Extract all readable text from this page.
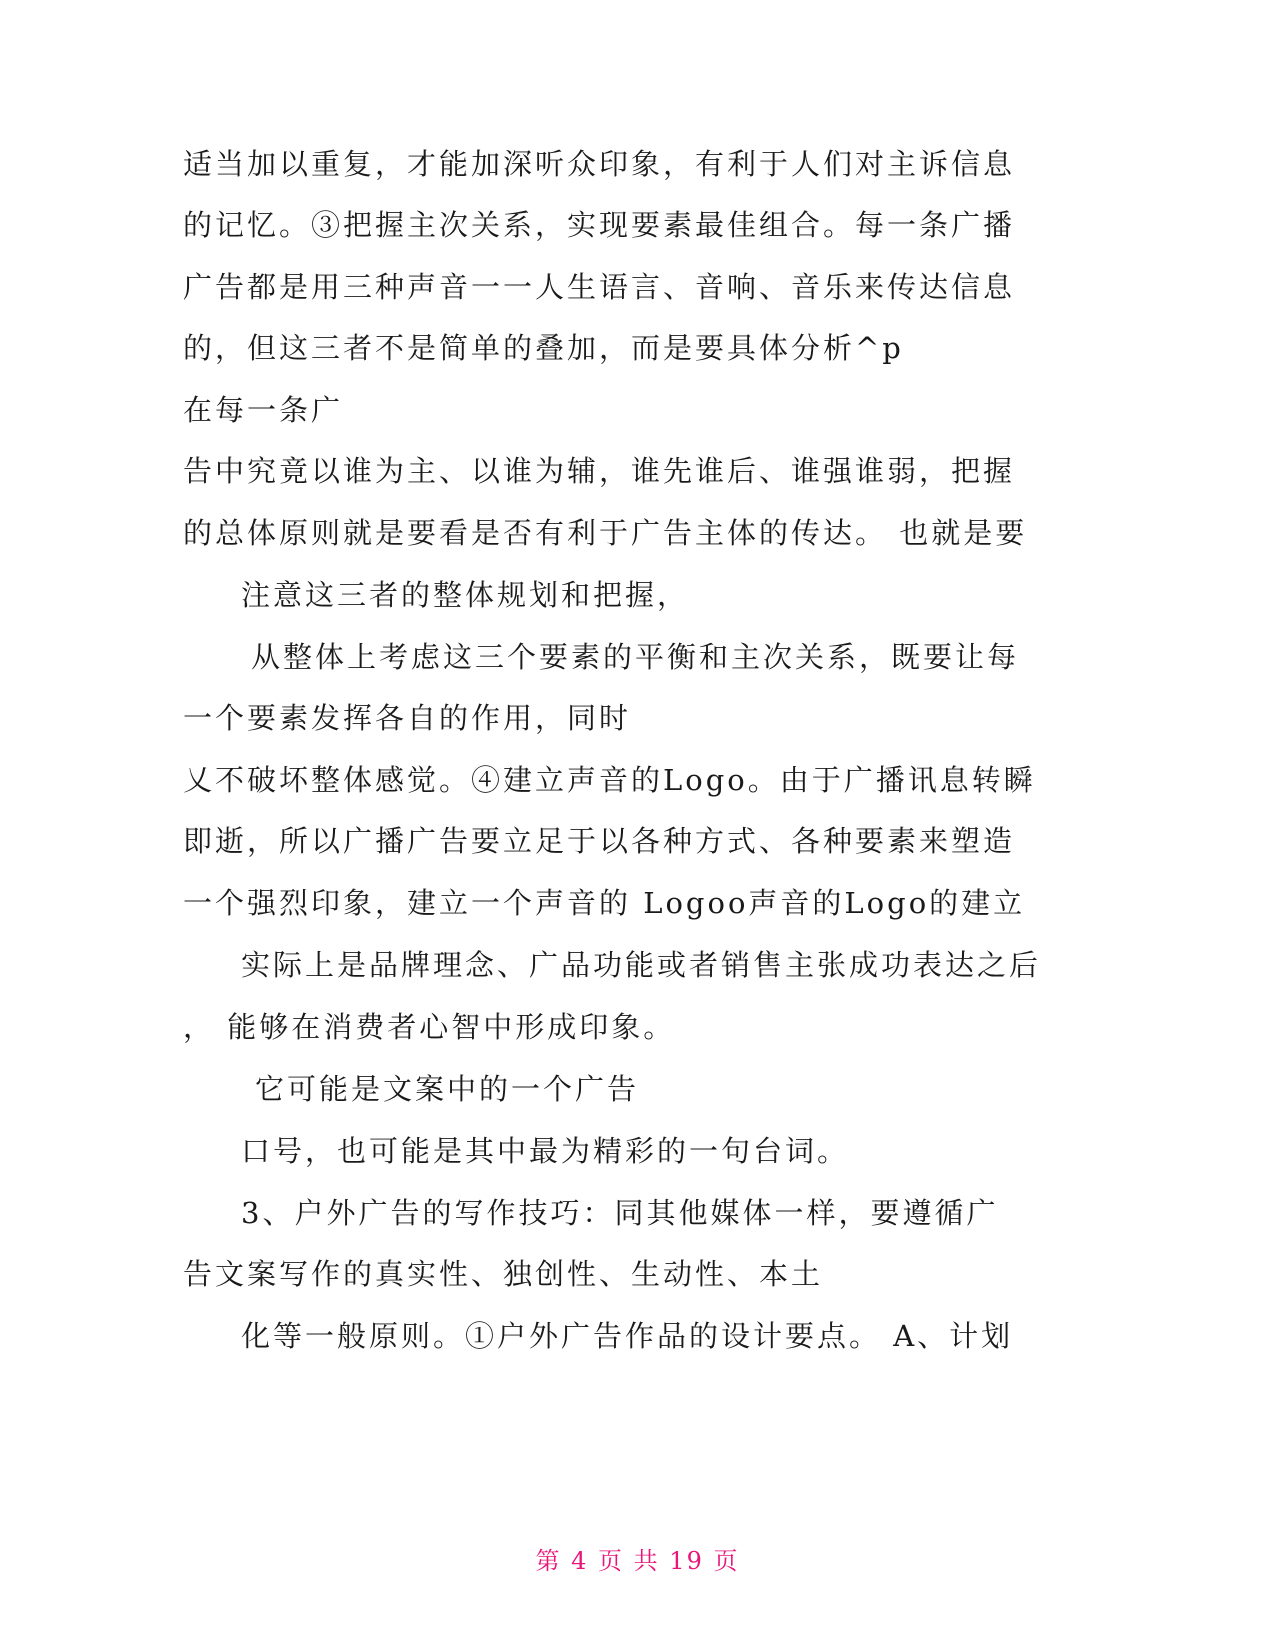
适当加以重复，才能加深听众印象，有利于人们对主诉信息
的记忆。③把握主次关系，实现要素最佳组合。每一条广播
广告都是用三种声音一一人生语言、音响、音乐来传达信息
的，但这三者不是简单的叠加，而是要具体分析^p
在每一条广
告中究竟以谁为主、以谁为辅，谁先谁后、谁强谁弱，把握
的总体原则就是要看是否有利于广告主体的传达。 也就是要
注意这三者的整体规划和把握，
从整体上考虑这三个要素的平衡和主次关系，既要让每
一个要素发挥各自的作用，同时
乂不破坏整体感觉。④建立声音的Logo。由于广播讯息转瞬
即逝，所以广播广告要立足于以各种方式、各种要素来塑造
一个强烈印象，建立一个声音的 Logoo声音的Logo的建立
实际上是品牌理念、广品功能或者销售主张成功表达之后
， 能够在消费者心智中形成印象。
它可能是文案中的一个广告
口号，也可能是其中最为精彩的一句台词。
3、户外广告的写作技巧：同其他媒体一样，要遵循广
告文案写作的真实性、独创性、生动性、本土
化等一般原则。①户外广告作品的设计要点。 A、计划
第 4 页 共 19 页
